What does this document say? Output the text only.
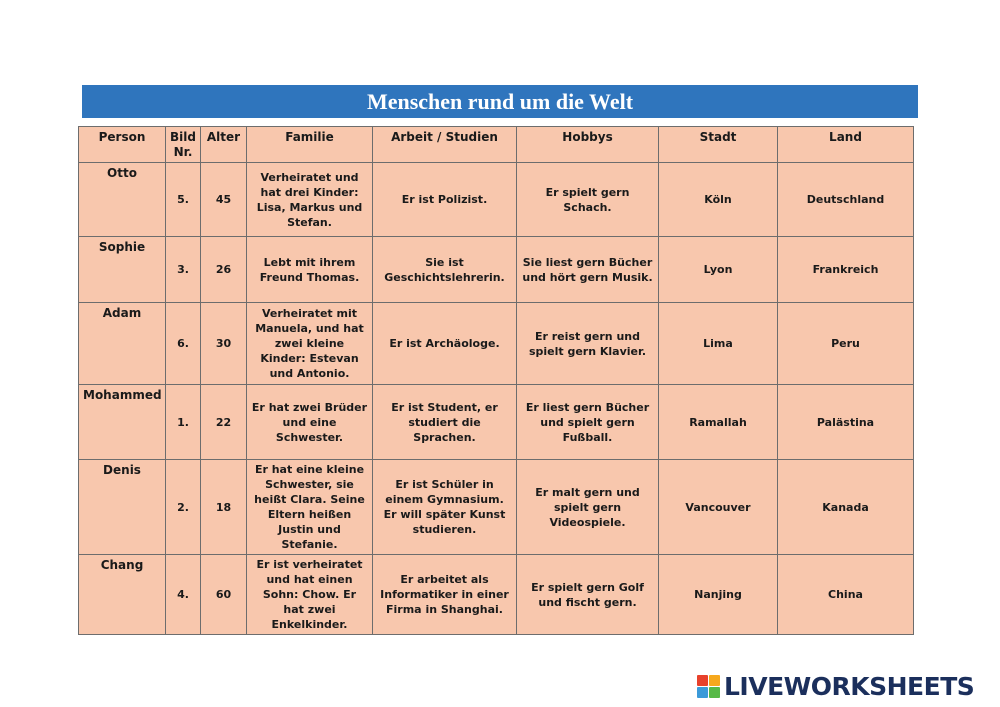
Menschen rund um die Welt
Person	Bild Nr.	Alter	Familie	Arbeit / Studien	Hobbys	Stadt	Land
Otto	5.	45	Verheiratet und hat drei Kinder: Lisa, Markus und Stefan.	Er ist Polizist.	Er spielt gern Schach.	Köln	Deutschland
Sophie	3.	26	Lebt mit ihrem Freund Thomas.	Sie ist Geschichtslehrerin.	Sie liest gern Bücher und hört gern Musik.	Lyon	Frankreich
Adam	6.	30	Verheiratet mit Manuela, und hat zwei kleine Kinder: Estevan und Antonio.	Er ist Archäologe.	Er reist gern und spielt gern Klavier.	Lima	Peru
Mohammed	1.	22	Er hat zwei Brüder und eine Schwester.	Er ist Student, er studiert die Sprachen.	Er liest gern Bücher und spielt gern Fußball.	Ramallah	Palästina
Denis	2.	18	Er hat eine kleine Schwester, sie heißt Clara. Seine Eltern heißen Justin und Stefanie.	Er ist Schüler in einem Gymnasium. Er will später Kunst studieren.	Er malt gern und spielt gern Videospiele.	Vancouver	Kanada
Chang	4.	60	Er ist verheiratet und hat einen Sohn: Chow. Er hat zwei Enkelkinder.	Er arbeitet als Informatiker in einer Firma in Shanghai.	Er spielt gern Golf und fischt gern.	Nanjing	China
LIVEWORKSHEETS
